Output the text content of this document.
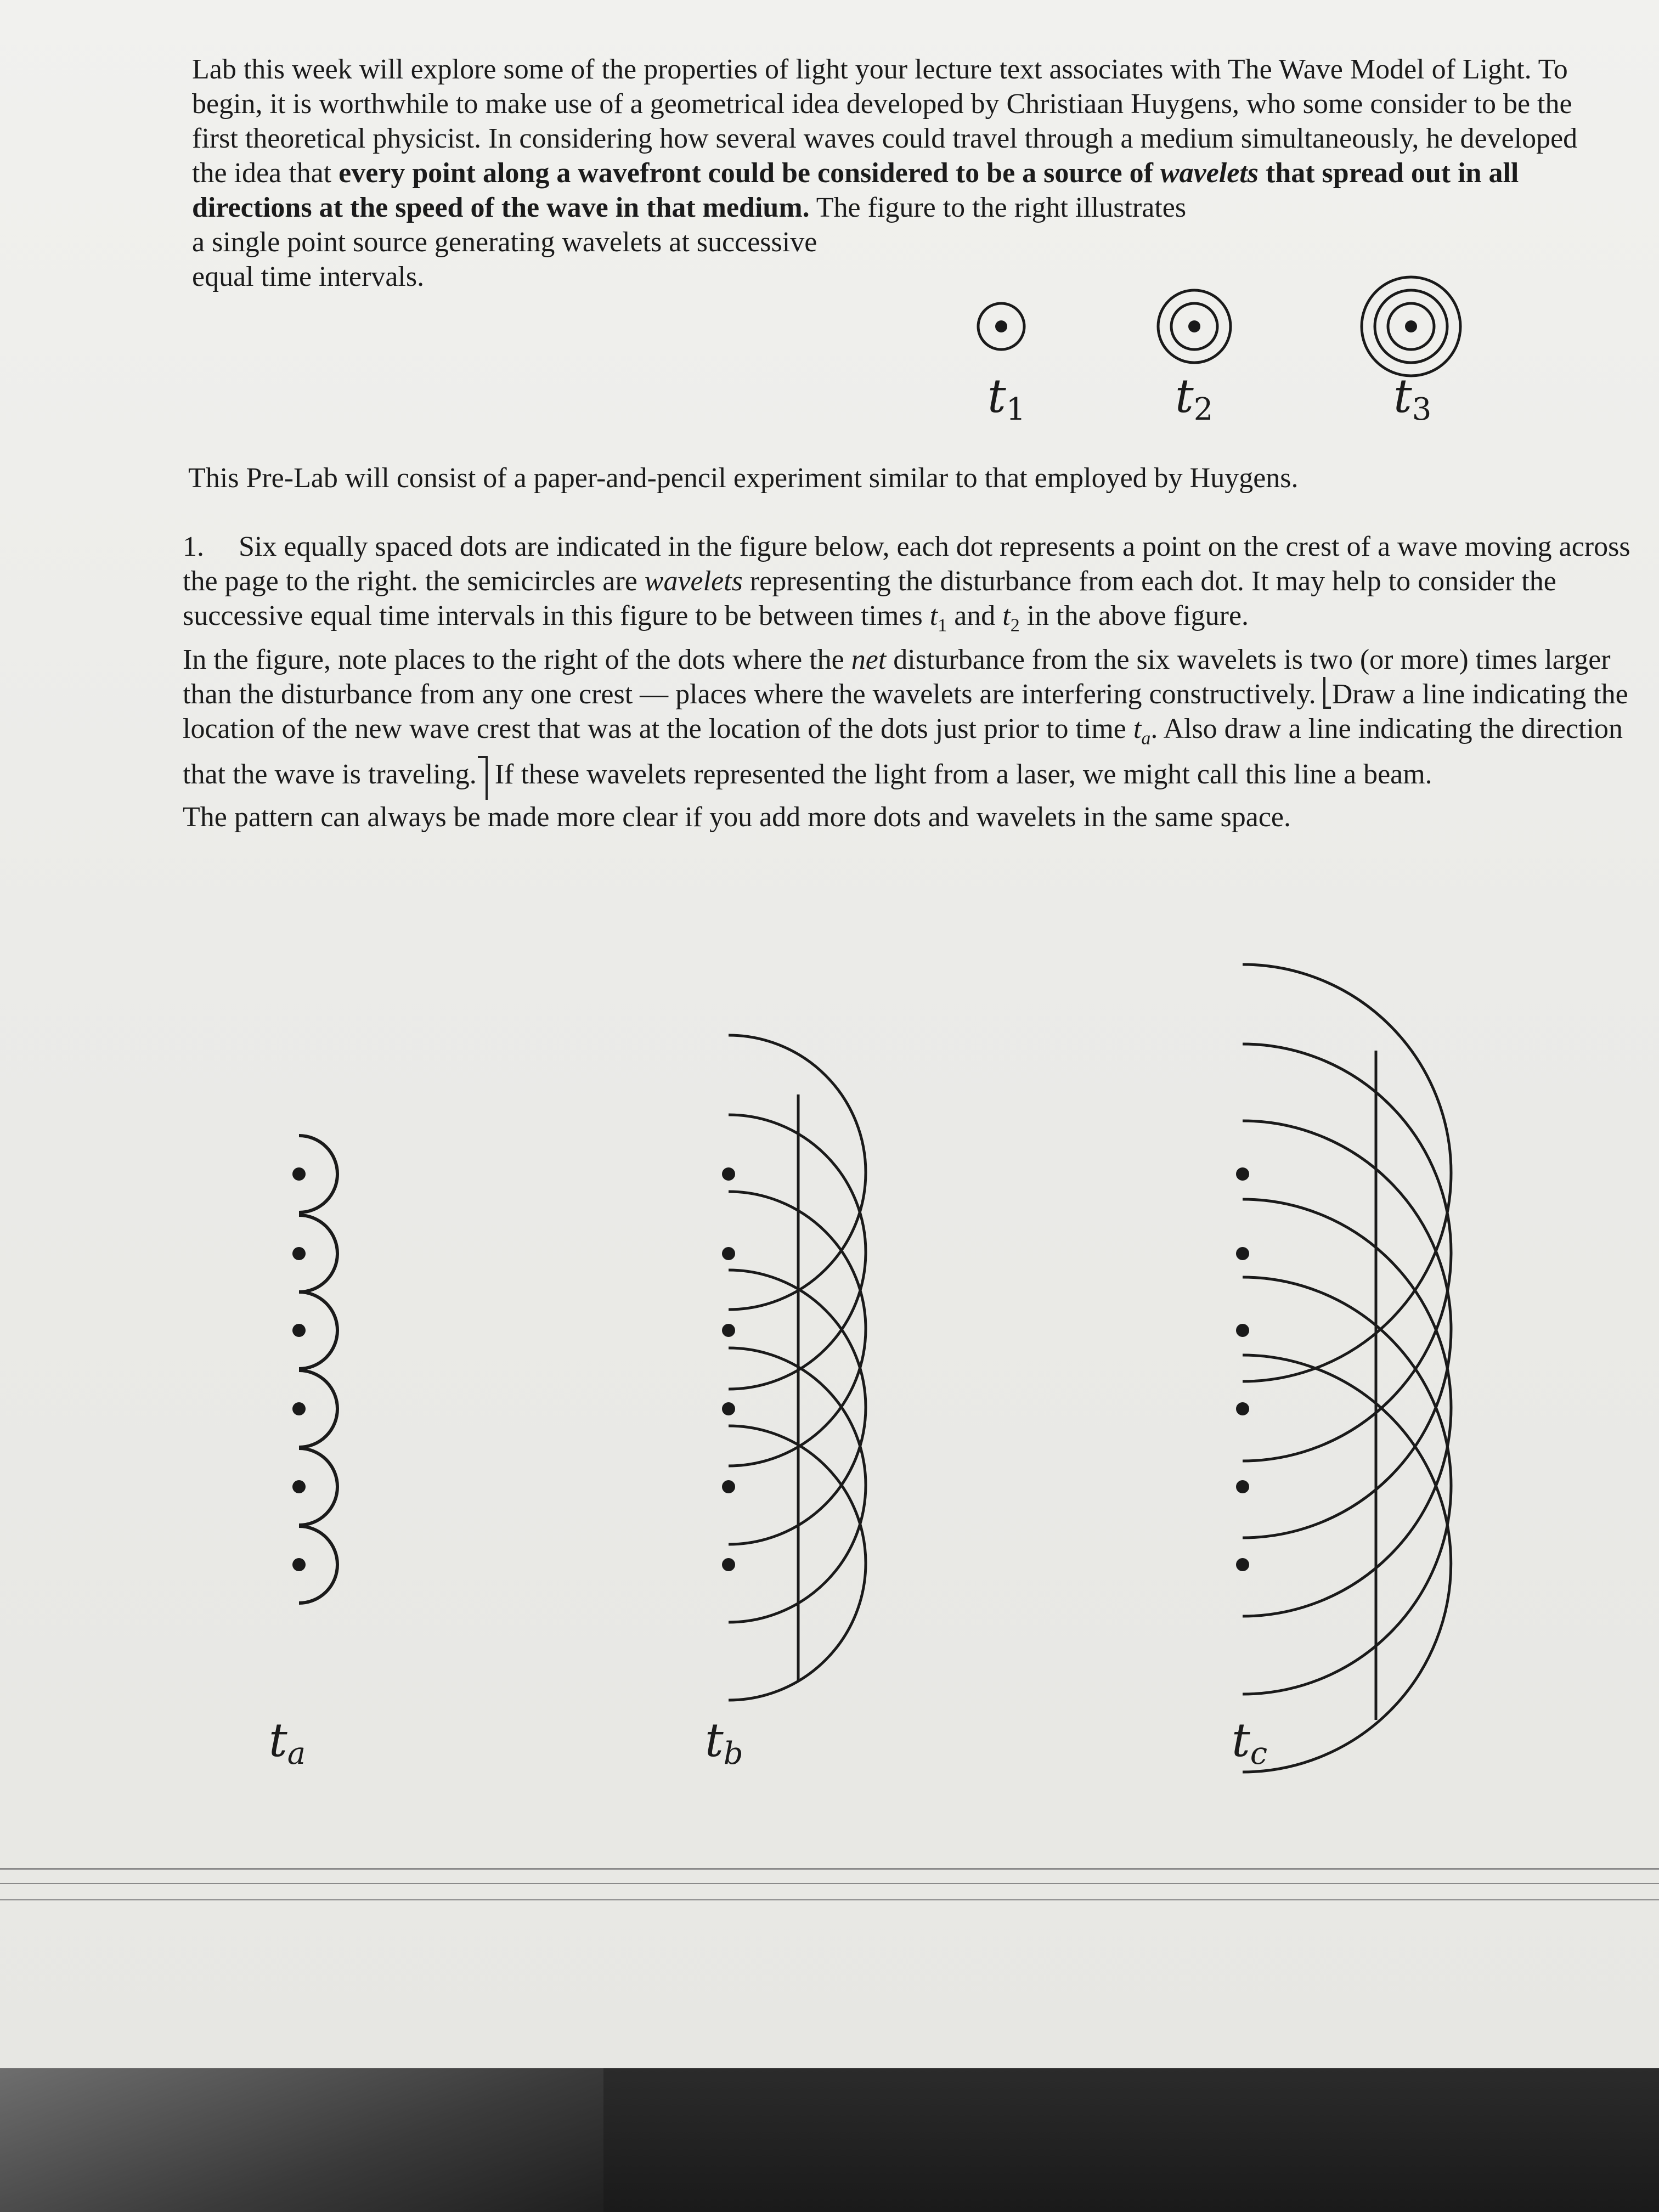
Lab this week will explore some of the properties of light your lecture text associates with The Wave Model of Light. To begin, it is worthwhile to make use of a geometrical idea developed by Christiaan Huygens, who some consider to be the first theoretical physicist. In considering how several waves could travel through a medium simultaneously, he developed the idea that every point along a wavefront could be considered to be a source of wavelets that spread out in all directions at the speed of the wave in that medium. The figure to the right illustrates
a single point source generating wavelets at successive
equal time intervals.

$t_1$	$t_2$	$t_3$

This Pre-Lab will consist of a paper-and-pencil experiment similar to that employed by Huygens.

1. Six equally spaced dots are indicated in the figure below, each dot represents a point on the crest of a wave moving across the page to the right. the semicircles are wavelets representing the disturbance from each dot. It may help to consider the successive equal time intervals in this figure to be between times $t_1$ and $t_2$ in the above figure.
In the figure, note places to the right of the dots where the net disturbance from the six wavelets is two (or more) times larger than the disturbance from any one crest — places where the wavelets are interfering constructively. Draw a line indicating the location of the new wave crest that was at the location of the dots just prior to time $t_a$. Also draw a line indicating the direction that the wave is traveling. If these wavelets represented the light from a laser, we might call this line a beam.
The pattern can always be made more clear if you add more dots and wavelets in the same space.
$t_a$	$t_b$	$t_c$
